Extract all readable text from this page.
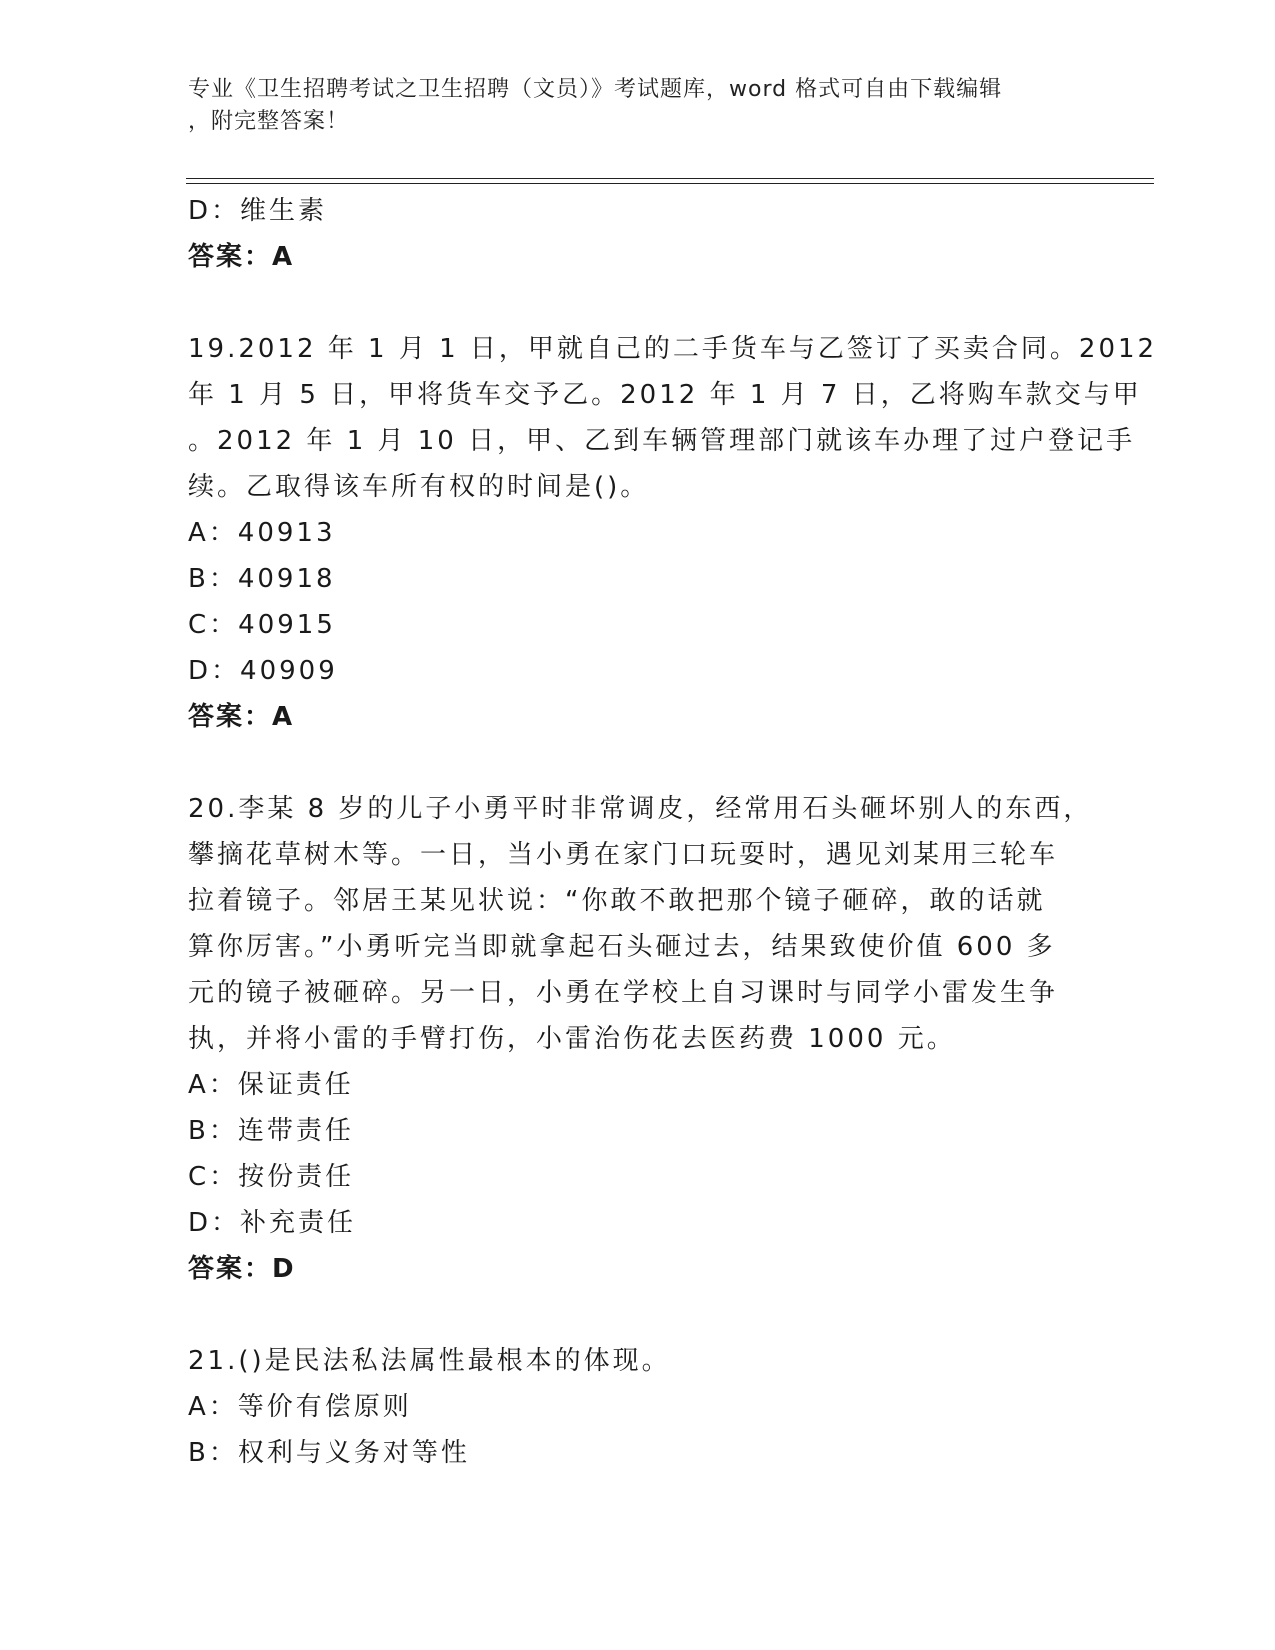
专业《卫生招聘考试之卫生招聘（文员）》考试题库，word 格式可自由下载编辑
，附完整答案！
D：维生素
答案：A
19.2012 年 1 月 1 日，甲就自己的二手货车与乙签订了买卖合同。2012
年 1 月 5 日，甲将货车交予乙。2012 年 1 月 7 日，乙将购车款交与甲
。2012 年 1 月 10 日，甲、乙到车辆管理部门就该车办理了过户登记手
续。乙取得该车所有权的时间是()。
A：40913
B：40918
C：40915
D：40909
答案：A
20.李某 8 岁的儿子小勇平时非常调皮，经常用石头砸坏别人的东西，
攀摘花草树木等。一日，当小勇在家门口玩耍时，遇见刘某用三轮车
拉着镜子。邻居王某见状说：“你敢不敢把那个镜子砸碎，敢的话就
算你厉害。”小勇听完当即就拿起石头砸过去，结果致使价值 600 多
元的镜子被砸碎。另一日，小勇在学校上自习课时与同学小雷发生争
执，并将小雷的手臂打伤，小雷治伤花去医药费 1000 元。
A：保证责任
B：连带责任
C：按份责任
D：补充责任
答案：D
21.()是民法私法属性最根本的体现。
A：等价有偿原则
B：权利与义务对等性
